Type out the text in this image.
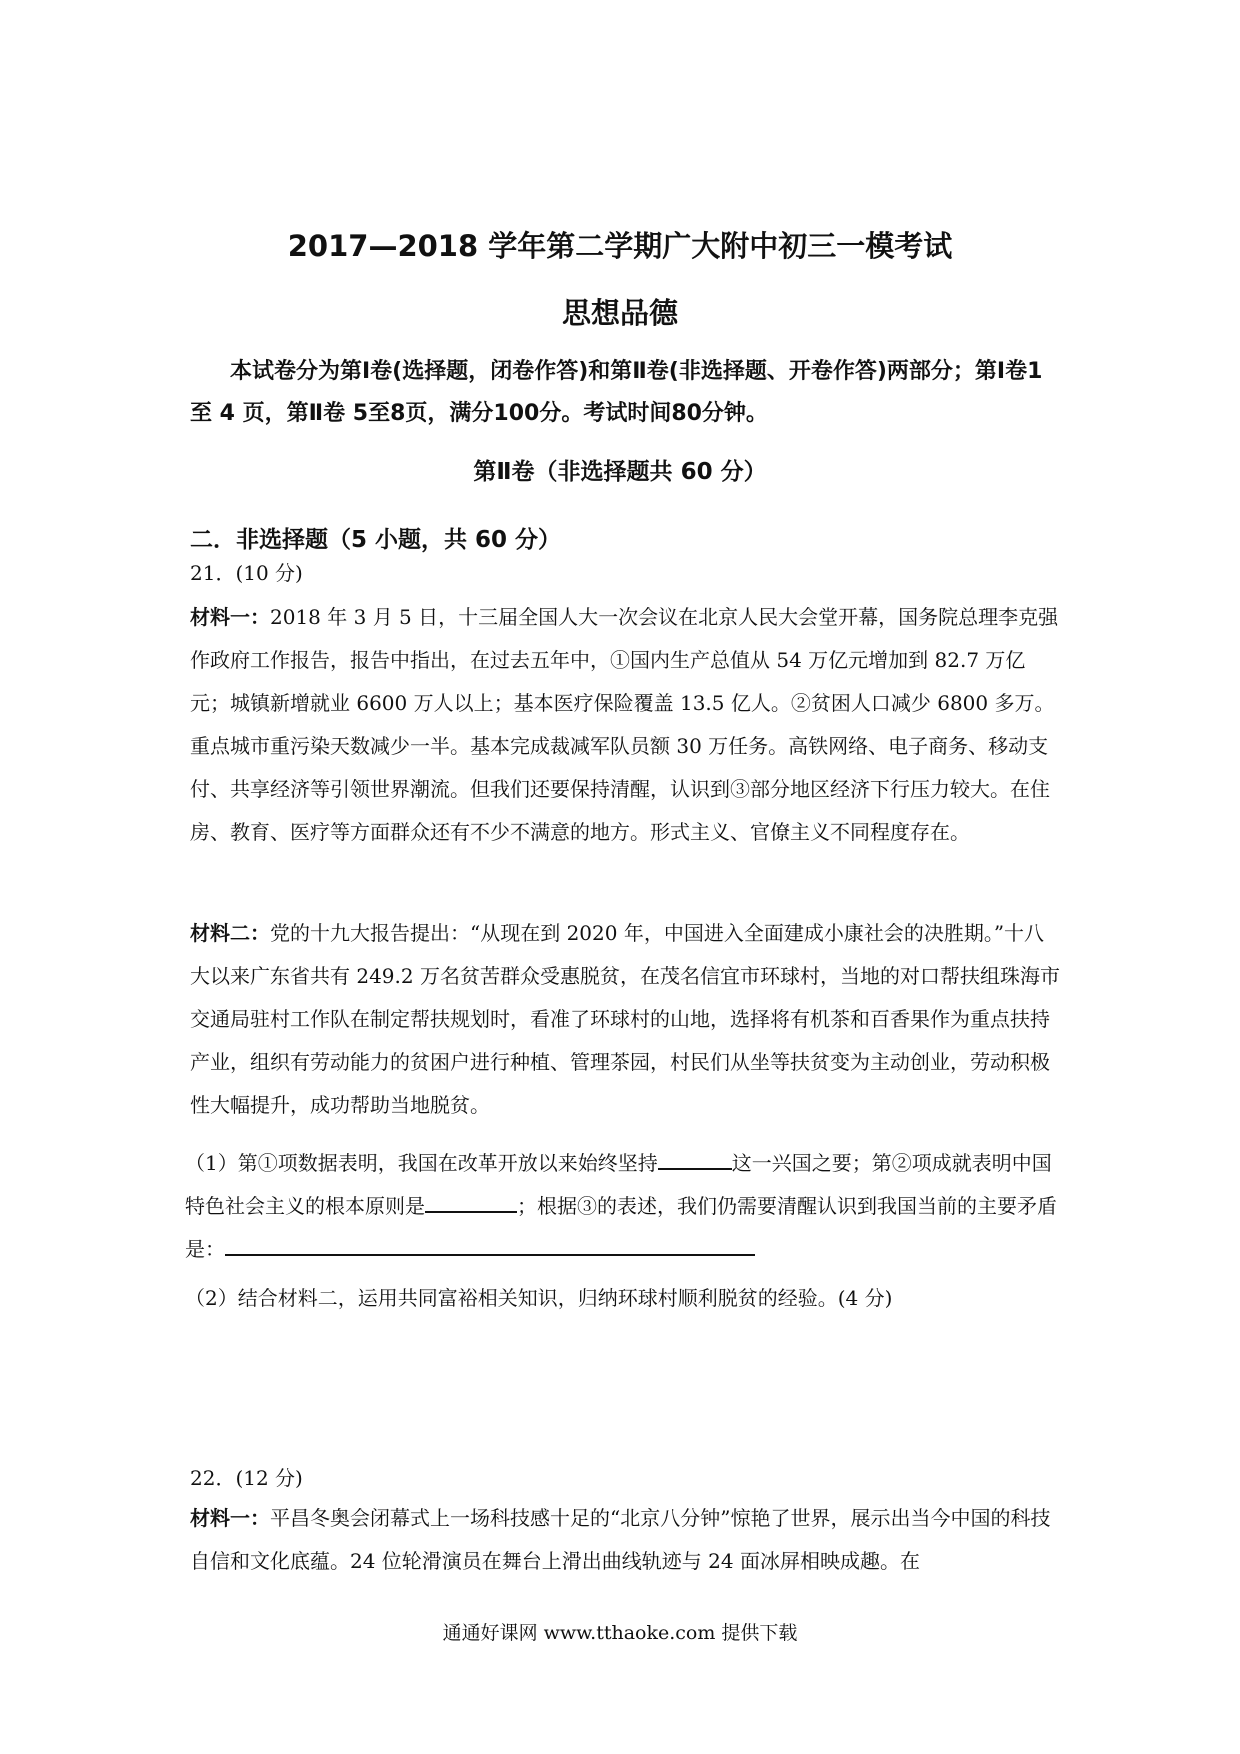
2017—2018 学年第二学期广大附中初三一模考试
思想品德
本试卷分为第Ⅰ卷(选择题，闭卷作答)和第Ⅱ卷(非选择题、开卷作答)两部分；第Ⅰ卷1至 4 页，第Ⅱ卷 5至8页，满分100分。考试时间80分钟。
第Ⅱ卷（非选择题共 60 分）
二．非选择题（5 小题，共 60 分）
21．(10 分)
材料一：2018 年 3 月 5 日，十三届全国人大一次会议在北京人民大会堂开幕，国务院总理李克强作政府工作报告，报告中指出，在过去五年中，①国内生产总值从 54 万亿元增加到 82.7 万亿元；城镇新增就业 6600 万人以上；基本医疗保险覆盖 13.5 亿人。②贫困人口减少 6800 多万。重点城市重污染天数减少一半。基本完成裁减军队员额 30 万任务。高铁网络、电子商务、移动支付、共享经济等引领世界潮流。但我们还要保持清醒，认识到③部分地区经济下行压力较大。在住房、教育、医疗等方面群众还有不少不满意的地方。形式主义、官僚主义不同程度存在。
材料二：党的十九大报告提出：“从现在到 2020 年，中国进入全面建成小康社会的决胜期。”十八大以来广东省共有 249.2 万名贫苦群众受惠脱贫，在茂名信宜市环球村，当地的对口帮扶组珠海市交通局驻村工作队在制定帮扶规划时，看准了环球村的山地，选择将有机茶和百香果作为重点扶持产业，组织有劳动能力的贫困户进行种植、管理茶园，村民们从坐等扶贫变为主动创业，劳动积极性大幅提升，成功帮助当地脱贫。
（1）第①项数据表明，我国在改革开放以来始终坚持	这一兴国之要；第②项成就表明中国特色社会主义的根本原则是	；根据③的表述，我们仍需要清醒认识到我国当前的主要矛盾是：
（2）结合材料二，运用共同富裕相关知识，归纳环球村顺利脱贫的经验。(4 分)
22．(12 分)
材料一：平昌冬奥会闭幕式上一场科技感十足的“北京八分钟”惊艳了世界，展示出当今中国的科技自信和文化底蕴。24 位轮滑演员在舞台上滑出曲线轨迹与 24 面冰屏相映成趣。在
通通好课网 www.tthaoke.com 提供下载
